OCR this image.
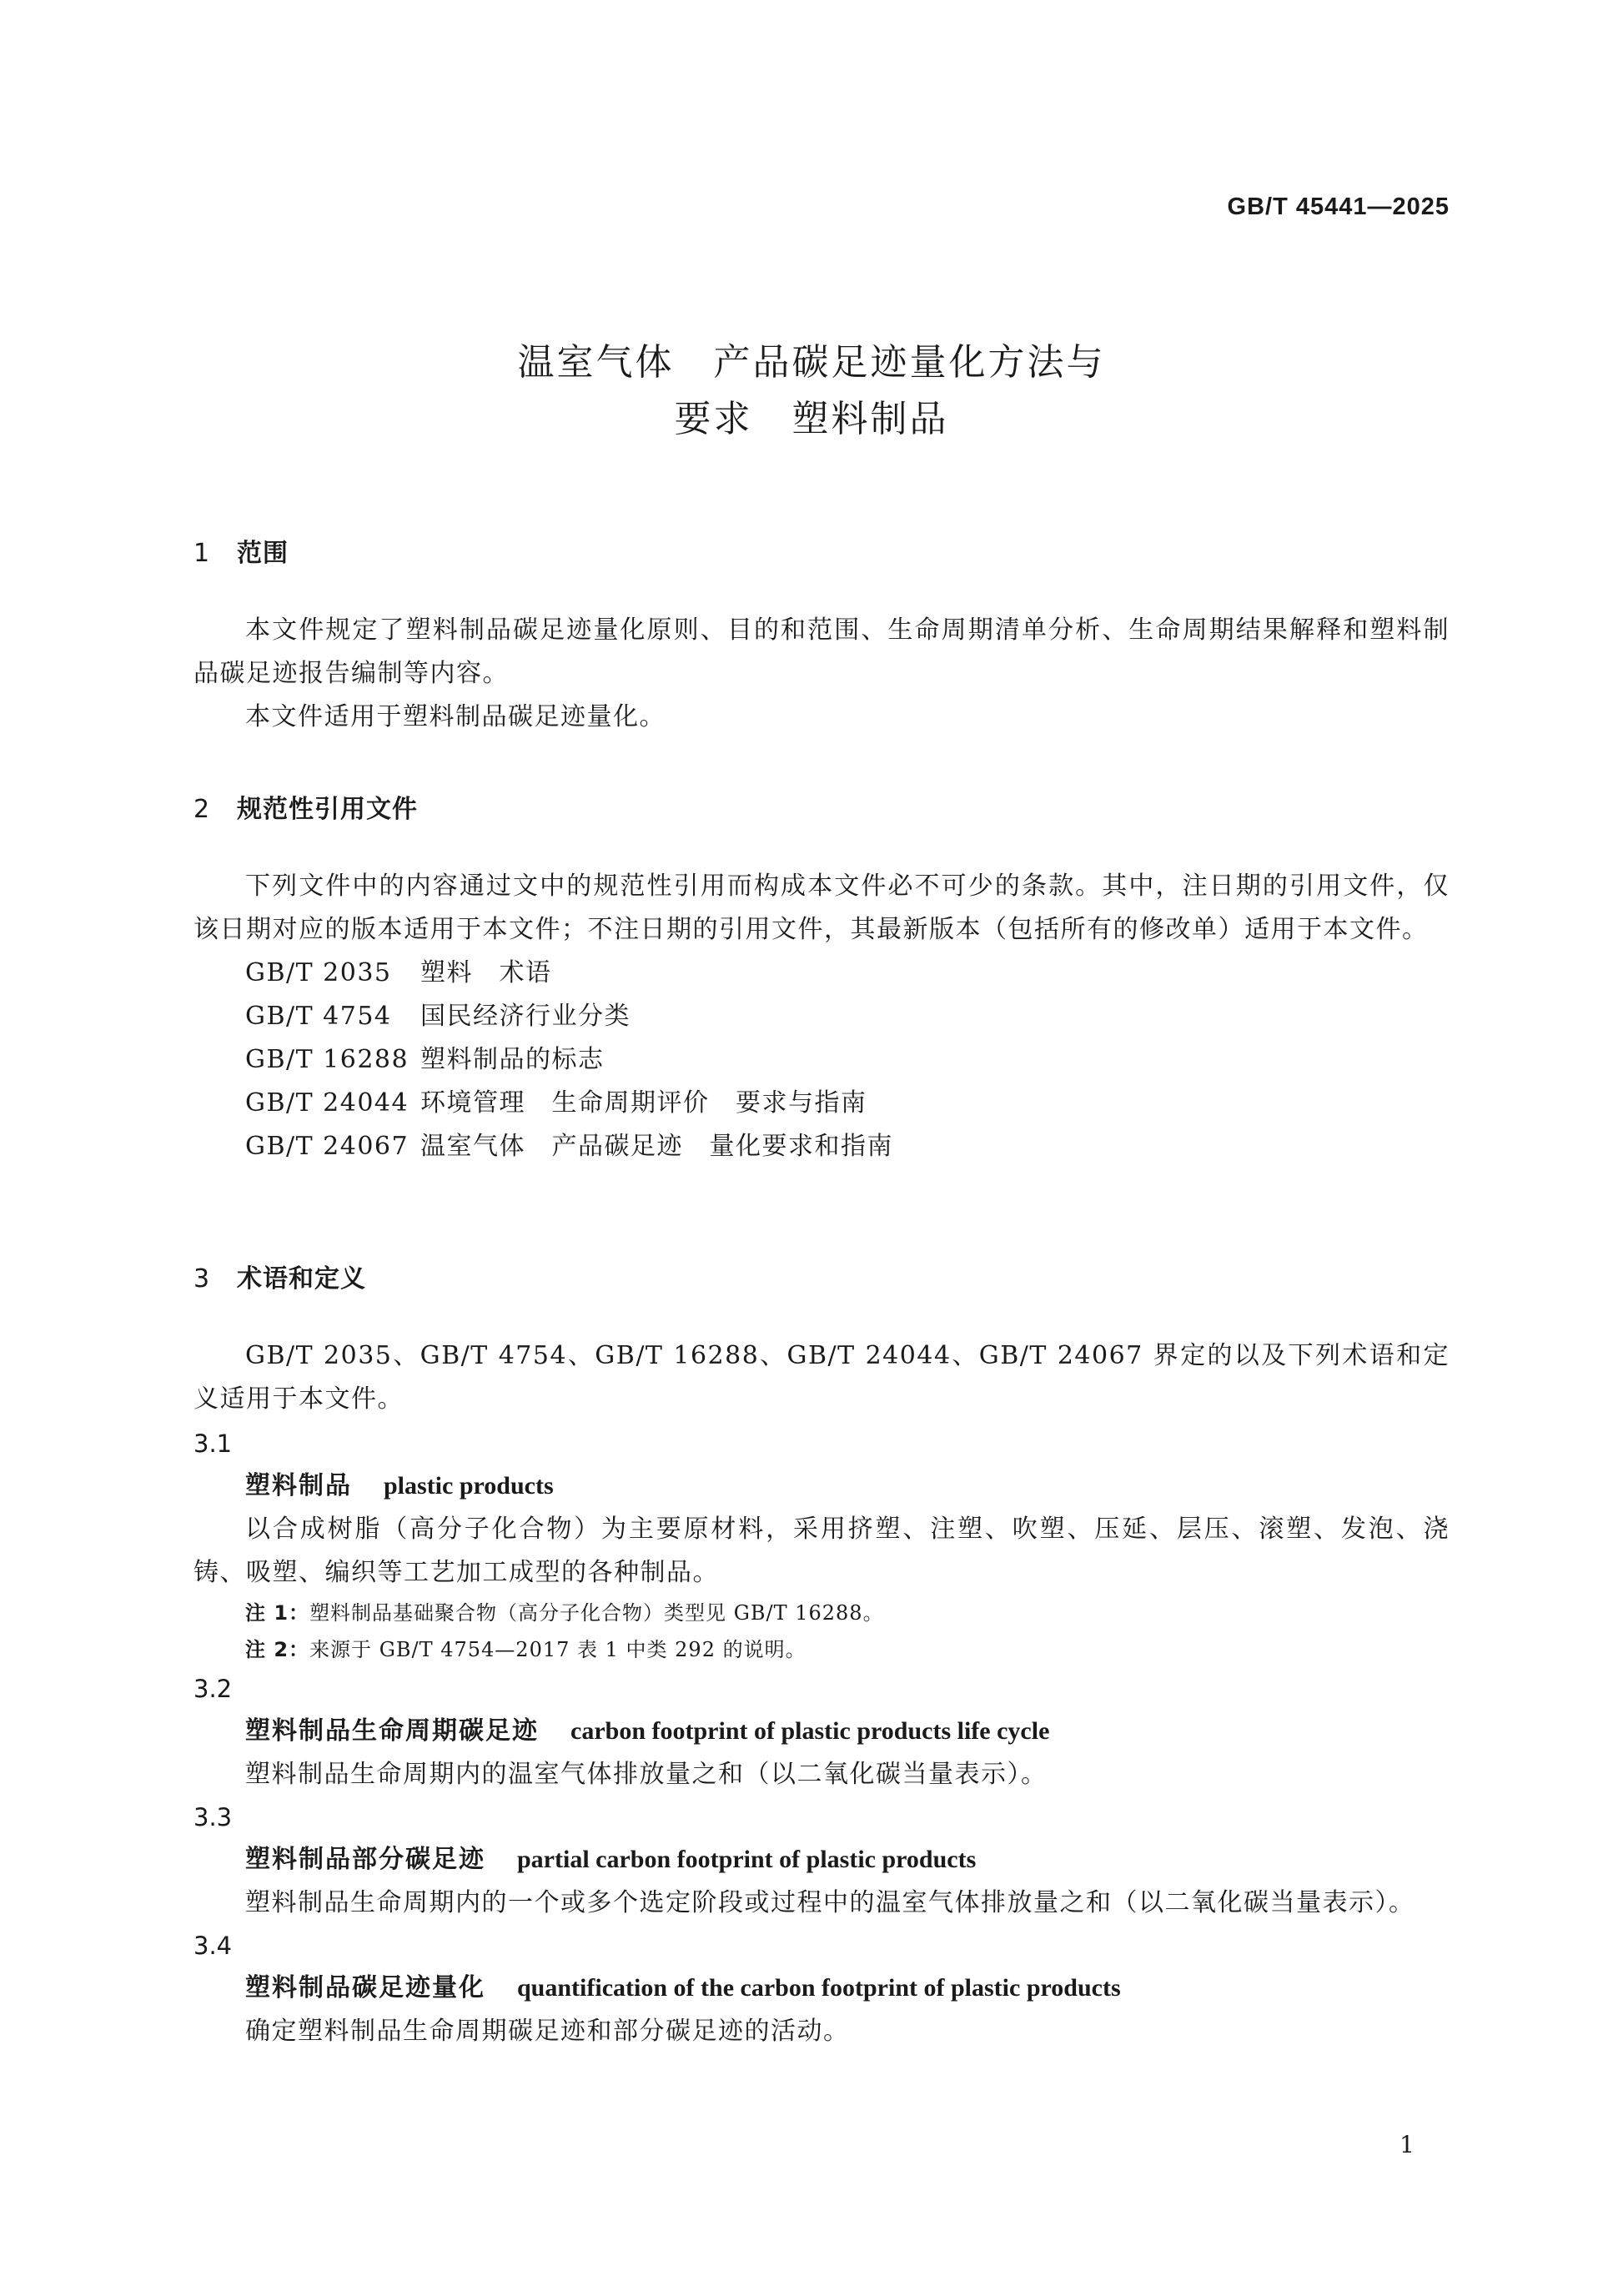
GB/T 45441—2025
温室气体　产品碳足迹量化方法与
要求　塑料制品
1 范围
本文件规定了塑料制品碳足迹量化原则、目的和范围、生命周期清单分析、生命周期结果解释和塑料制品碳足迹报告编制等内容。
本文件适用于塑料制品碳足迹量化。
2 规范性引用文件
下列文件中的内容通过文中的规范性引用而构成本文件必不可少的条款。其中，注日期的引用文件，仅该日期对应的版本适用于本文件；不注日期的引用文件，其最新版本（包括所有的修改单）适用于本文件。
GB/T 2035 塑料　术语
GB/T 4754 国民经济行业分类
GB/T 16288 塑料制品的标志
GB/T 24044 环境管理　生命周期评价　要求与指南
GB/T 24067 温室气体　产品碳足迹　量化要求和指南
3 术语和定义
GB/T 2035、GB/T 4754、GB/T 16288、GB/T 24044、GB/T 24067 界定的以及下列术语和定义适用于本文件。
3.1
塑料制品 plastic products
以合成树脂（高分子化合物）为主要原材料，采用挤塑、注塑、吹塑、压延、层压、滚塑、发泡、浇铸、吸塑、编织等工艺加工成型的各种制品。
注 1：塑料制品基础聚合物（高分子化合物）类型见 GB/T 16288。
注 2：来源于 GB/T 4754—2017 表 1 中类 292 的说明。
3.2
塑料制品生命周期碳足迹 carbon footprint of plastic products life cycle
塑料制品生命周期内的温室气体排放量之和（以二氧化碳当量表示）。
3.3
塑料制品部分碳足迹 partial carbon footprint of plastic products
塑料制品生命周期内的一个或多个选定阶段或过程中的温室气体排放量之和（以二氧化碳当量表示）。
3.4
塑料制品碳足迹量化 quantification of the carbon footprint of plastic products
确定塑料制品生命周期碳足迹和部分碳足迹的活动。
1
